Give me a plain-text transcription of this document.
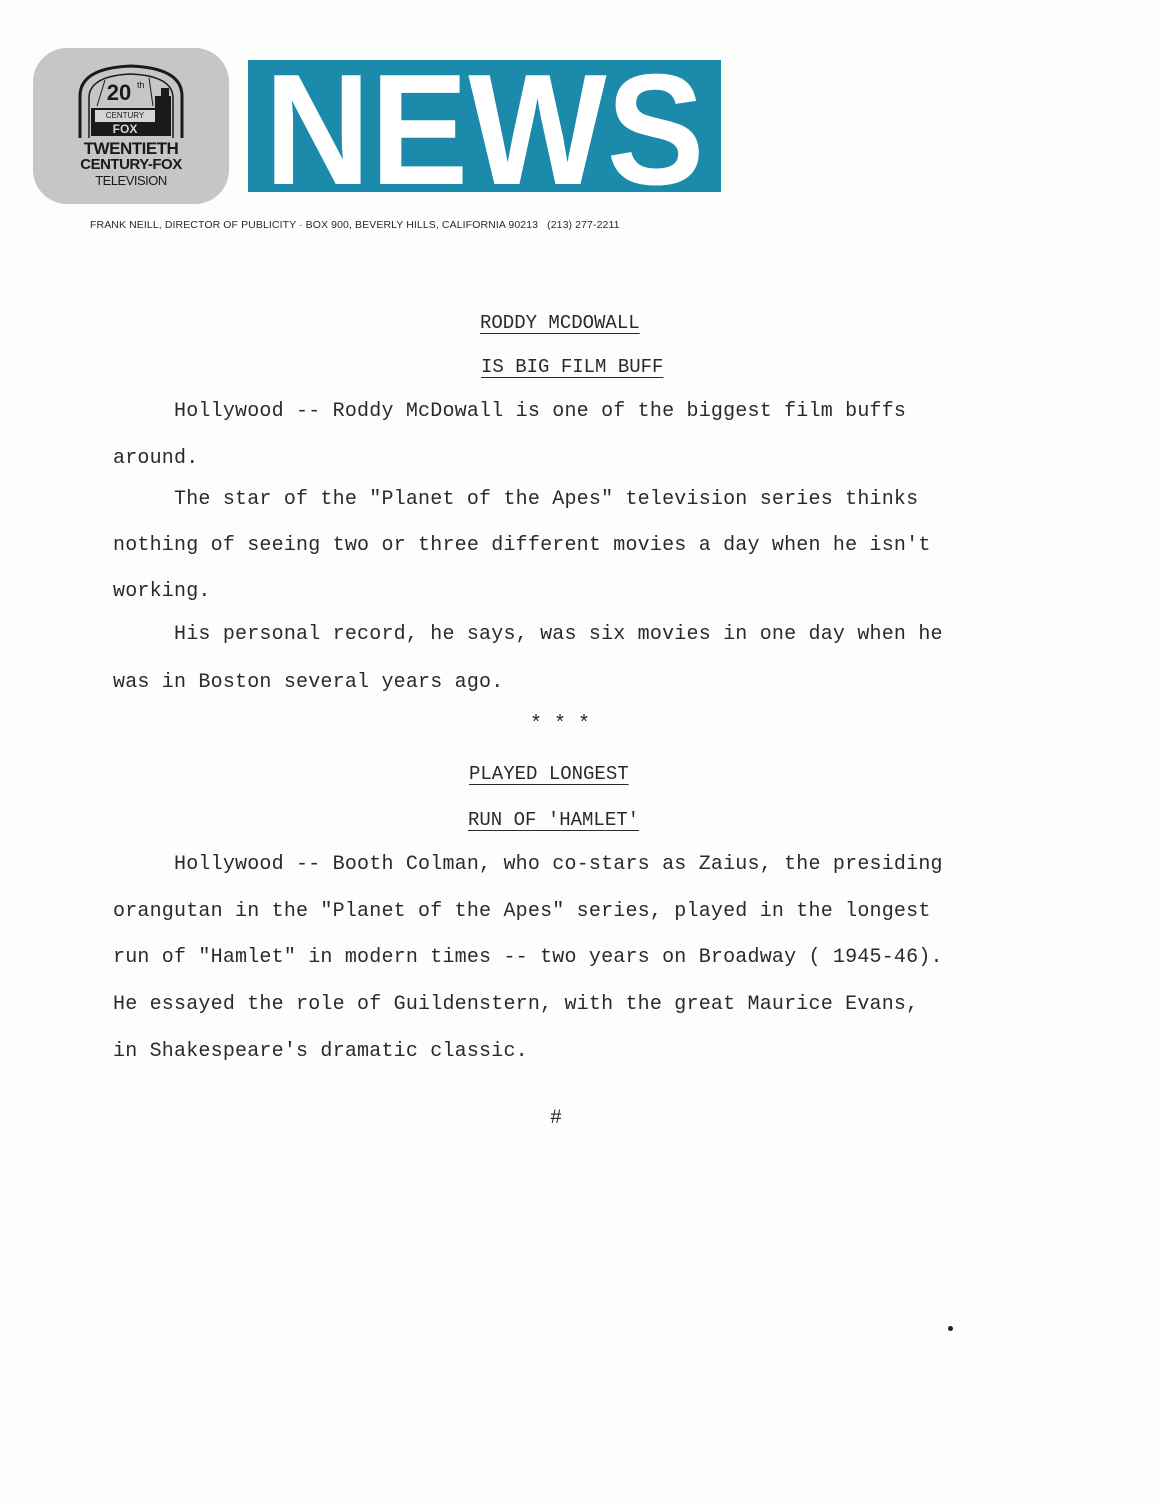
20 th
CENTURY
FOX
TWENTIETH
CENTURY-FOX
TELEVISION NEWS
FRANK NEILL, DIRECTOR OF PUBLICITY · BOX 900, BEVERLY HILLS, CALIFORNIA 90213   (213) 277-2211
RODDY MCDOWALL
IS BIG FILM BUFF
Hollywood -- Roddy McDowall is one of the biggest film buffs
around.
The star of the "Planet of the Apes" television series thinks
nothing of seeing two or three different movies a day when he isn't
working.
His personal record, he says, was six movies in one day when he
was in Boston several years ago.
* * *
PLAYED LONGEST
RUN OF 'HAMLET'
Hollywood -- Booth Colman, who co-stars as Zaius, the presiding
orangutan in the "Planet of the Apes" series, played in the longest
run of "Hamlet" in modern times -- two years on Broadway ( 1945-46).
He essayed the role of Guildenstern, with the great Maurice Evans,
in Shakespeare's dramatic classic.
#
